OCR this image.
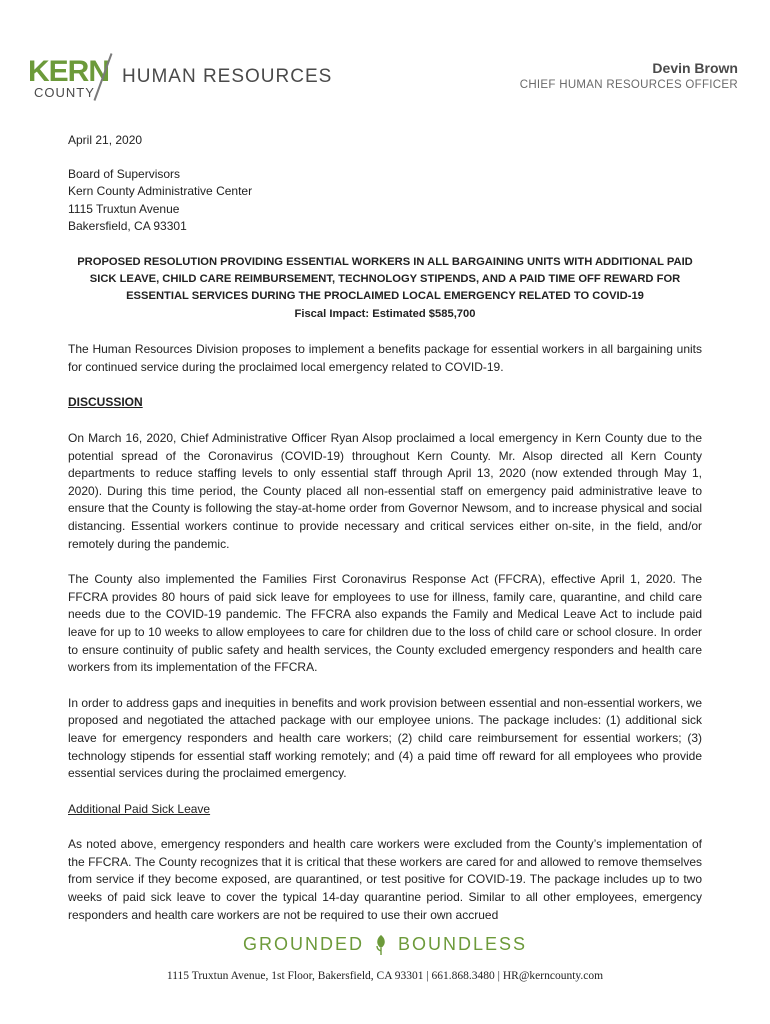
KERN
COUNTY
HUMAN RESOURCES	Devin Brown
CHIEF HUMAN RESOURCES OFFICER
April 21, 2020
Board of Supervisors
Kern County Administrative Center
1115 Truxtun Avenue
Bakersfield, CA 93301
PROPOSED RESOLUTION PROVIDING ESSENTIAL WORKERS IN ALL BARGAINING UNITS WITH ADDITIONAL PAID
SICK LEAVE, CHILD CARE REIMBURSEMENT, TECHNOLOGY STIPENDS, AND A PAID TIME OFF REWARD FOR
ESSENTIAL SERVICES DURING THE PROCLAIMED LOCAL EMERGENCY RELATED TO COVID-19
Fiscal Impact: Estimated $585,700

The Human Resources Division proposes to implement a benefits package for essential workers in all bargaining units for continued service during the proclaimed local emergency related to COVID-19.

DISCUSSION

On March 16, 2020, Chief Administrative Officer Ryan Alsop proclaimed a local emergency in Kern County due to the potential spread of the Coronavirus (COVID-19) throughout Kern County. Mr. Alsop directed all Kern County departments to reduce staffing levels to only essential staff through April 13, 2020 (now extended through May 1, 2020). During this time period, the County placed all non-essential staff on emergency paid administrative leave to ensure that the County is following the stay-at-home order from Governor Newsom, and to increase physical and social distancing. Essential workers continue to provide necessary and critical services either on-site, in the field, and/or remotely during the pandemic.

The County also implemented the Families First Coronavirus Response Act (FFCRA), effective April 1, 2020. The FFCRA provides 80 hours of paid sick leave for employees to use for illness, family care, quarantine, and child care needs due to the COVID-19 pandemic. The FFCRA also expands the Family and Medical Leave Act to include paid leave for up to 10 weeks to allow employees to care for children due to the loss of child care or school closure. In order to ensure continuity of public safety and health services, the County excluded emergency responders and health care workers from its implementation of the FFCRA.

In order to address gaps and inequities in benefits and work provision between essential and non-essential workers, we proposed and negotiated the attached package with our employee unions. The package includes: (1) additional sick leave for emergency responders and health care workers; (2) child care reimbursement for essential workers; (3) technology stipends for essential staff working remotely; and (4) a paid time off reward for all employees who provide essential services during the proclaimed emergency.

Additional Paid Sick Leave

As noted above, emergency responders and health care workers were excluded from the County’s implementation of the FFCRA. The County recognizes that it is critical that these workers are cared for and allowed to remove themselves from service if they become exposed, are quarantined, or test positive for COVID-19. The package includes up to two weeks of paid sick leave to cover the typical 14-day quarantine period. Similar to all other employees, emergency responders and health care workers are not be required to use their own accrued

GROUNDED BOUNDLESS
1115 Truxtun Avenue, 1st Floor, Bakersfield, CA 93301 | 661.868.3480 | HR@kerncounty.com
